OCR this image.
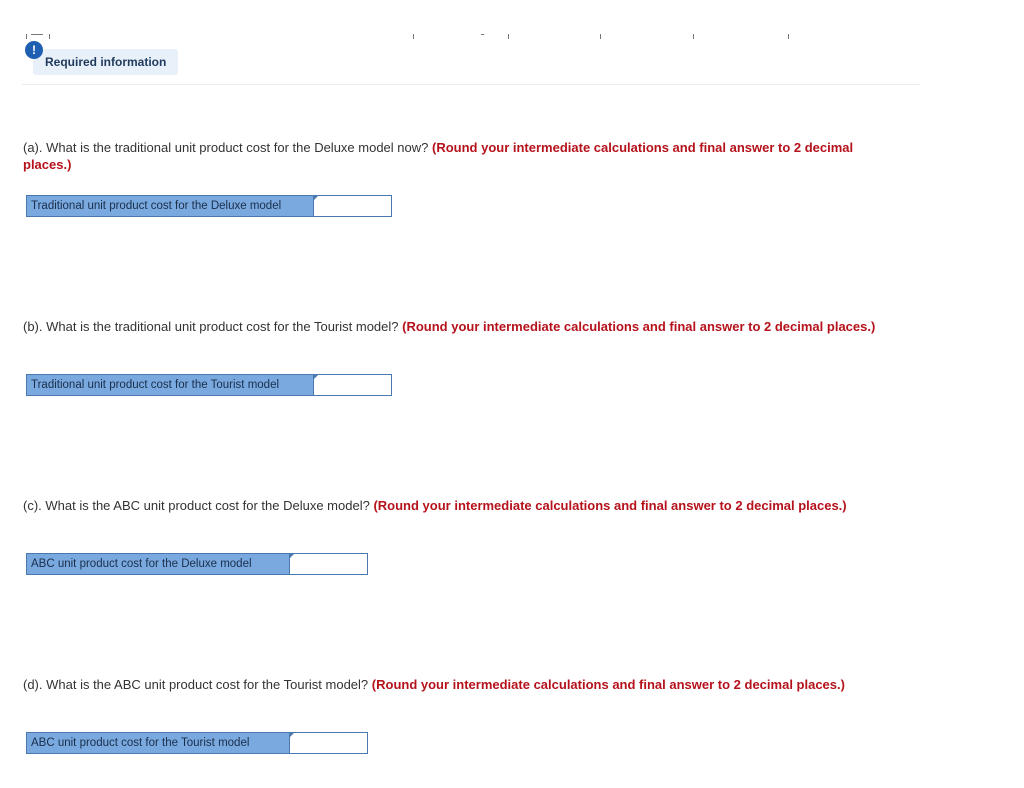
!
Required information
(a). What is the traditional unit product cost for the Deluxe model now? (Round your intermediate calculations and final answer to 2 decimal places.)
Traditional unit product cost for the Deluxe model
(b). What is the traditional unit product cost for the Tourist model? (Round your intermediate calculations and final answer to 2 decimal places.)
Traditional unit product cost for the Tourist model
(c). What is the ABC unit product cost for the Deluxe model? (Round your intermediate calculations and final answer to 2 decimal places.)
ABC unit product cost for the Deluxe model
(d). What is the ABC unit product cost for the Tourist model? (Round your intermediate calculations and final answer to 2 decimal places.)
ABC unit product cost for the Tourist model
